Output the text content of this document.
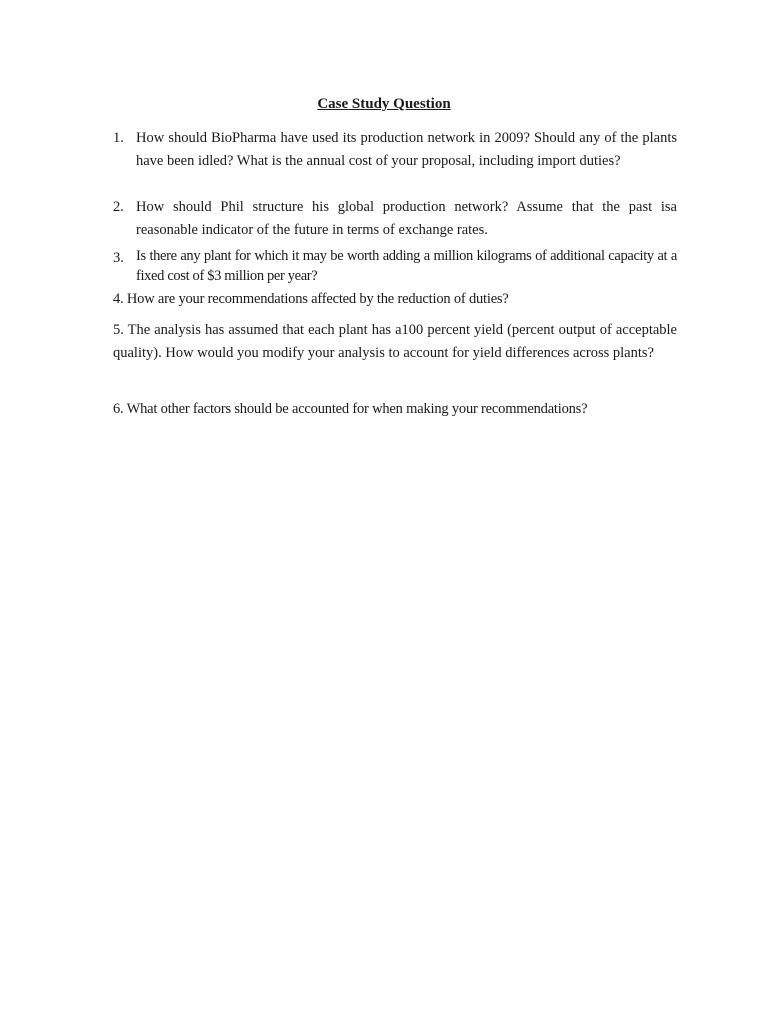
Case Study Question
1. How should BioPharma have used its production network in 2009? Should any of the plants have been idled? What is the annual cost of your proposal, including import duties?
2. How should Phil structure his global production network? Assume that the past isa reasonable indicator of the future in terms of exchange rates.
3. Is there any plant for which it may be worth adding a million kilograms of additional capacity at a fixed cost of $3 million per year?
4. How are your recommendations affected by the reduction of duties?
5. The analysis has assumed that each plant has a100 percent yield (percent output of acceptable quality). How would you modify your analysis to account for yield differences across plants?
6. What other factors should be accounted for when making your recommendations?
